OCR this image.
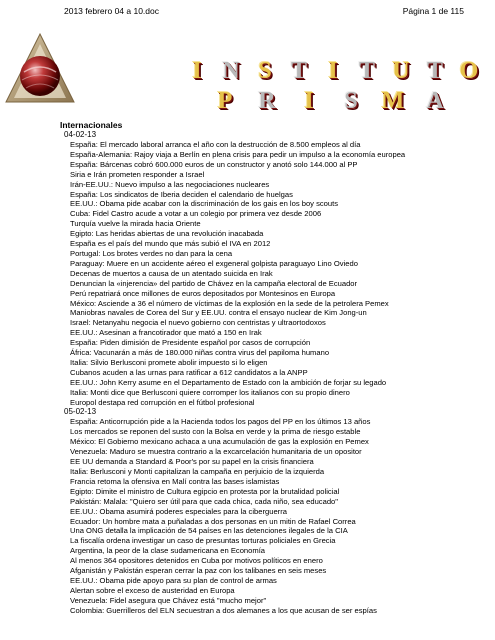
2013 febrero 04 a 10.doc	Página 1 de 115
I N S T I T U T O
P	R	I	S	M A
Internacionales
04-02-13
España: El mercado laboral arranca el año con la destrucción de 8.500 empleos al día
España-Alemania: Rajoy viaja a Berlín en plena crisis para pedir un impulso a la economía europea
España: Bárcenas cobró 600.000 euros de un constructor y anotó solo 144.000 al PP
Siria e Irán prometen responder a Israel
Irán-EE.UU.: Nuevo impulso a las negociaciones nucleares
España: Los sindicatos de Iberia deciden el calendario de huelgas
EE.UU.: Obama pide acabar con la discriminación de los gais en los boy scouts
Cuba: Fidel Castro acude a votar a un colegio por primera vez desde 2006
Turquía vuelve la mirada hacia Oriente
Egipto: Las heridas abiertas de una revolución inacabada
España es el país del mundo que más subió el IVA en 2012
Portugal: Los brotes verdes no dan para la cena
Paraguay: Muere en un accidente aéreo el exgeneral golpista paraguayo Lino Oviedo
Decenas de muertos a causa de un atentado suicida en Irak
Denuncian la «injerencia» del partido de Chávez en la campaña electoral de Ecuador
Perú repatriará once millones de euros depositados por Montesinos en Europa
México: Asciende a 36 el número de víctimas de la explosión en la sede de la petrolera Pemex
Maniobras navales de Corea del Sur y EE.UU. contra el ensayo nuclear de Kim Jong-un
Israel: Netanyahu negocia el nuevo gobierno con centristas y ultraortodoxos
EE.UU.: Asesinan a francotirador que mató a 150 en Irak
España: Piden dimisión de Presidente español por casos de corrupción
África: Vacunarán a más de 180.000 niñas contra virus del papiloma humano
Italia: Silvio Berlusconi promete abolir impuesto si lo eligen
Cubanos acuden a las urnas para ratificar a 612 candidatos a la ANPP
EE.UU.: John Kerry asume en el Departamento de Estado con la ambición de forjar su legado
Italia: Monti dice que Berlusconi quiere corromper los italianos con su propio dinero
Europol destapa red corrupción en el fútbol profesional
05-02-13
España: Anticorrupción pide a la Hacienda todos los pagos del PP en los últimos 13 años
Los mercados se reponen del susto con la Bolsa en verde y la prima de riesgo estable
México: El Gobierno mexicano achaca a una acumulación de gas la explosión en Pemex
Venezuela: Maduro se muestra contrario a la excarcelación humanitaria de un opositor
EE UU demanda a Standard & Poor's por su papel en la crisis financiera
Italia: Berlusconi y Monti capitalizan la campaña en perjuicio de la izquierda
Francia retoma la ofensiva en Malí contra las bases islamistas
Egipto: Dimite el ministro de Cultura egipcio en protesta por la brutalidad policial
Pakistán: Malala: "Quiero ser útil para que cada chica, cada niño, sea educado"
EE.UU.: Obama asumirá poderes especiales para la ciberguerra
Ecuador: Un hombre mata a puñaladas a dos personas en un mitin de Rafael Correa
Una ONG detalla la implicación de 54 países en las detenciones ilegales de la CIA
La fiscalía ordena investigar un caso de presuntas torturas policiales en Grecia
Argentina, la peor de la clase sudamericana en Economía
Al menos 364 opositores detenidos en Cuba por motivos políticos en enero
Afganistán y Pakistán esperan cerrar la paz con los talibanes en seis meses
EE.UU.: Obama pide apoyo para su plan de control de armas
Alertan sobre el exceso de austeridad en Europa
Venezuela: Fidel asegura que Chávez está "mucho mejor"
Colombia: Guerrilleros del ELN secuestran a dos alemanes a los que acusan de ser espías
